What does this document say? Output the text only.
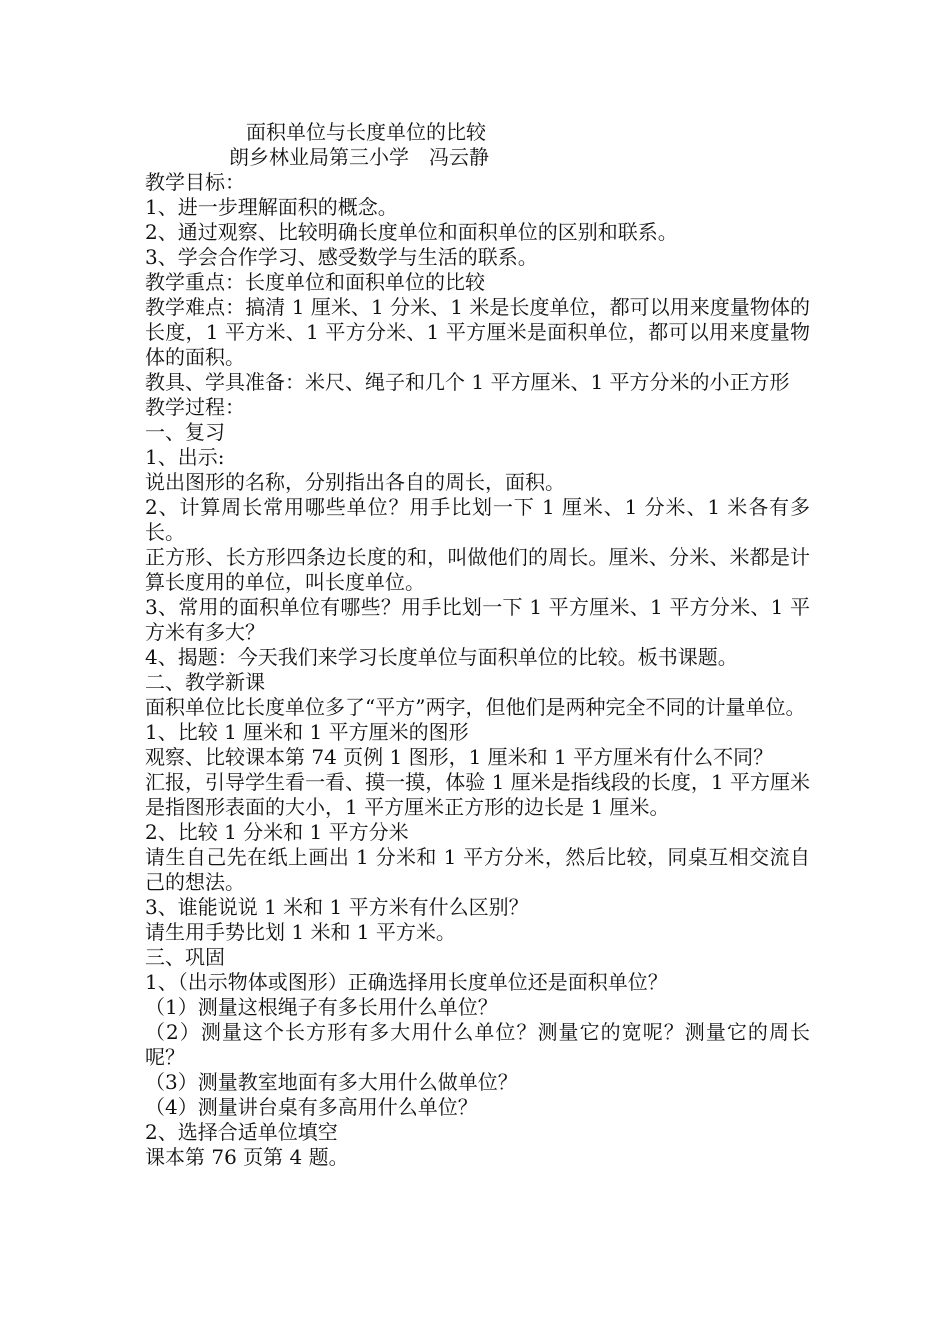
面积单位与长度单位的比较
朗乡林业局第三小学　冯云静
教学目标：
1、进一步理解面积的概念。
2、通过观察、比较明确长度单位和面积单位的区别和联系。
3、学会合作学习、感受数学与生活的联系。
教学重点：长度单位和面积单位的比较
教学难点：搞清 1 厘米、1 分米、1 米是长度单位，都可以用来度量物体的长度，1 平方米、1 平方分米、1 平方厘米是面积单位，都可以用来度量物体的面积。
教具、学具准备：米尺、绳子和几个 1 平方厘米、1 平方分米的小正方形
教学过程：
一、复习
1、出示:
说出图形的名称，分别指出各自的周长，面积。
2、计算周长常用哪些单位？用手比划一下 1 厘米、1 分米、1 米各有多长。
正方形、长方形四条边长度的和，叫做他们的周长。厘米、分米、米都是计算长度用的单位，叫长度单位。
3、常用的面积单位有哪些？用手比划一下 1 平方厘米、1 平方分米、1 平方米有多大？
4、揭题：今天我们来学习长度单位与面积单位的比较。板书课题。
二、教学新课
面积单位比长度单位多了“平方”两字，但他们是两种完全不同的计量单位。
1、比较 1 厘米和 1 平方厘米的图形
观察、比较课本第 74 页例 1 图形，1 厘米和 1 平方厘米有什么不同？
汇报，引导学生看一看、摸一摸，体验 1 厘米是指线段的长度，1 平方厘米是指图形表面的大小，1 平方厘米正方形的边长是 1 厘米。
2、比较 1 分米和 1 平方分米
请生自己先在纸上画出 1 分米和 1 平方分米，然后比较，同桌互相交流自己的想法。
3、谁能说说 1 米和 1 平方米有什么区别？
请生用手势比划 1 米和 1 平方米。
三、巩固
1、（出示物体或图形）正确选择用长度单位还是面积单位？
（1）测量这根绳子有多长用什么单位？
（2）测量这个长方形有多大用什么单位？测量它的宽呢？测量它的周长呢？
（3）测量教室地面有多大用什么做单位？
（4）测量讲台桌有多高用什么单位？
2、选择合适单位填空
课本第 76 页第 4 题。
